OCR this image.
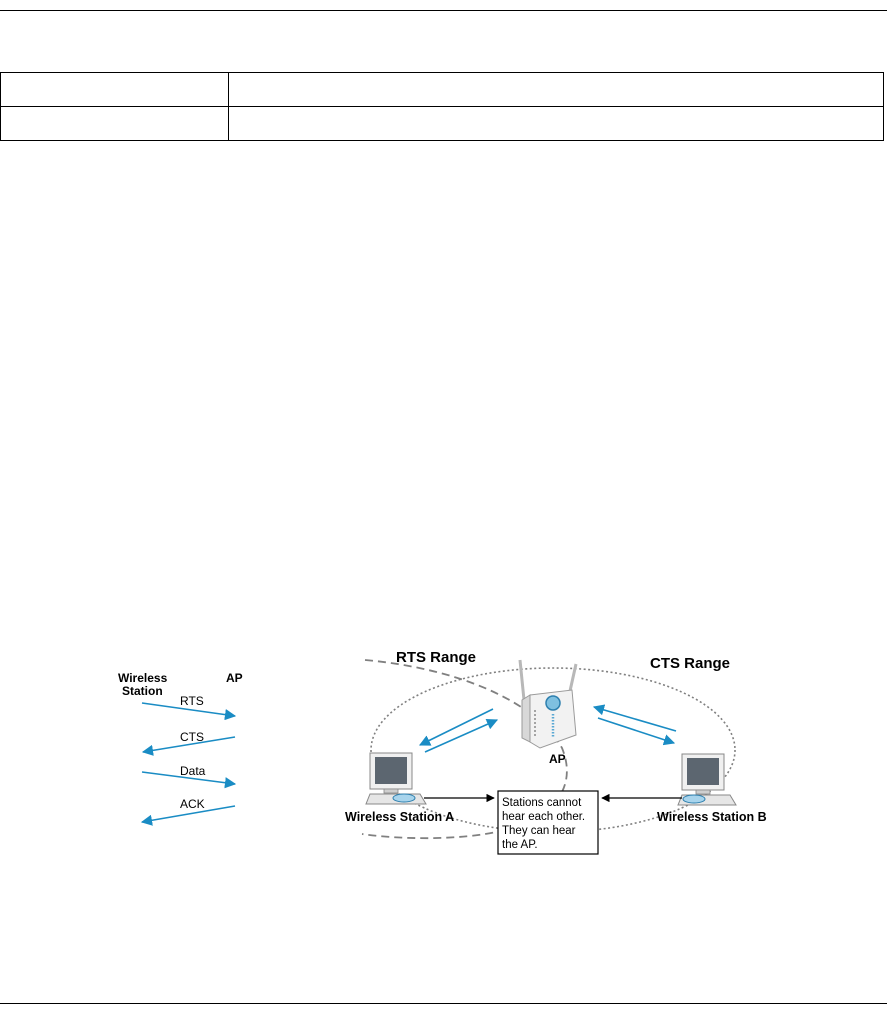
Wireless
Station
AP
RTS
CTS
Data
ACK
RTS Range	CTS Range
AP
Wireless Station A	Wireless Station B
Stations cannot
hear each other.
They can hear
the AP.
